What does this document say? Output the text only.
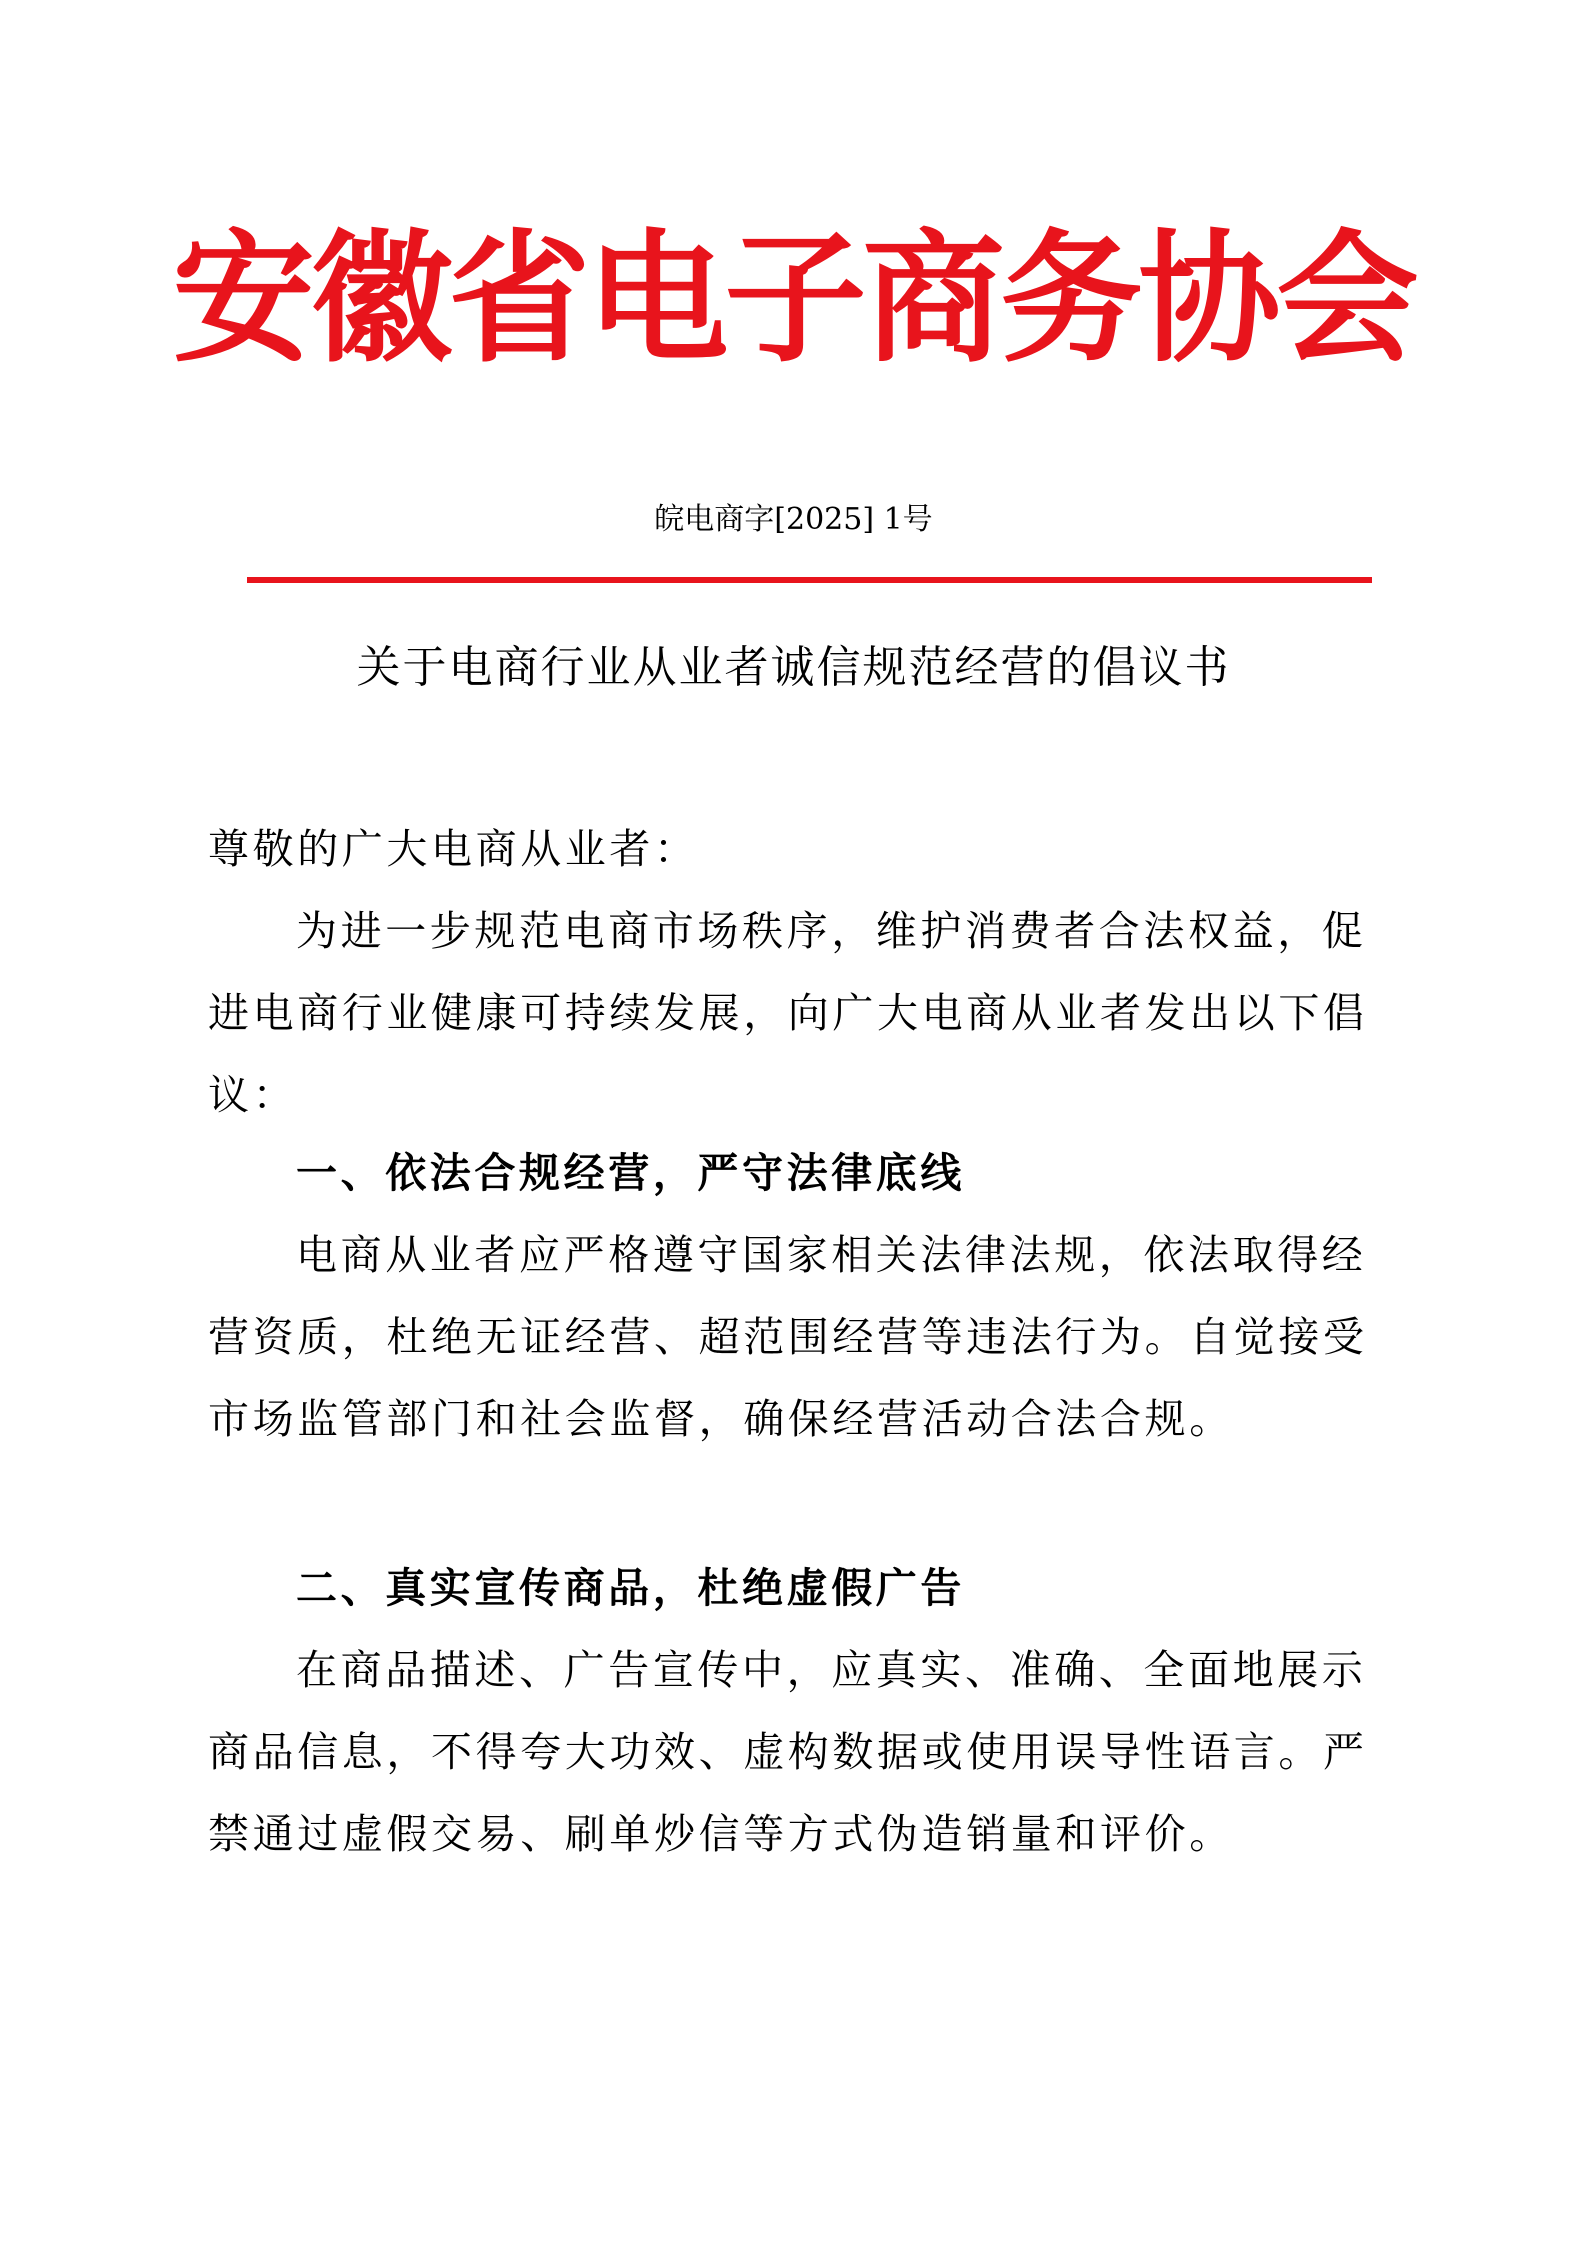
安徽省电子商务协会
皖电商字[2025] 1号
关于电商行业从业者诚信规范经营的倡议书

尊敬的广大电商从业者：

为进一步规范电商市场秩序，维护消费者合法权益，促进电商行业健康可持续发展，向广大电商从业者发出以下倡议：

一、依法合规经营，严守法律底线

电商从业者应严格遵守国家相关法律法规，依法取得经营资质，杜绝无证经营、超范围经营等违法行为。自觉接受市场监管部门和社会监督，确保经营活动合法合规。

二、真实宣传商品，杜绝虚假广告

在商品描述、广告宣传中，应真实、准确、全面地展示商品信息，不得夸大功效、虚构数据或使用误导性语言。严禁通过虚假交易、刷单炒信等方式伪造销量和评价。
